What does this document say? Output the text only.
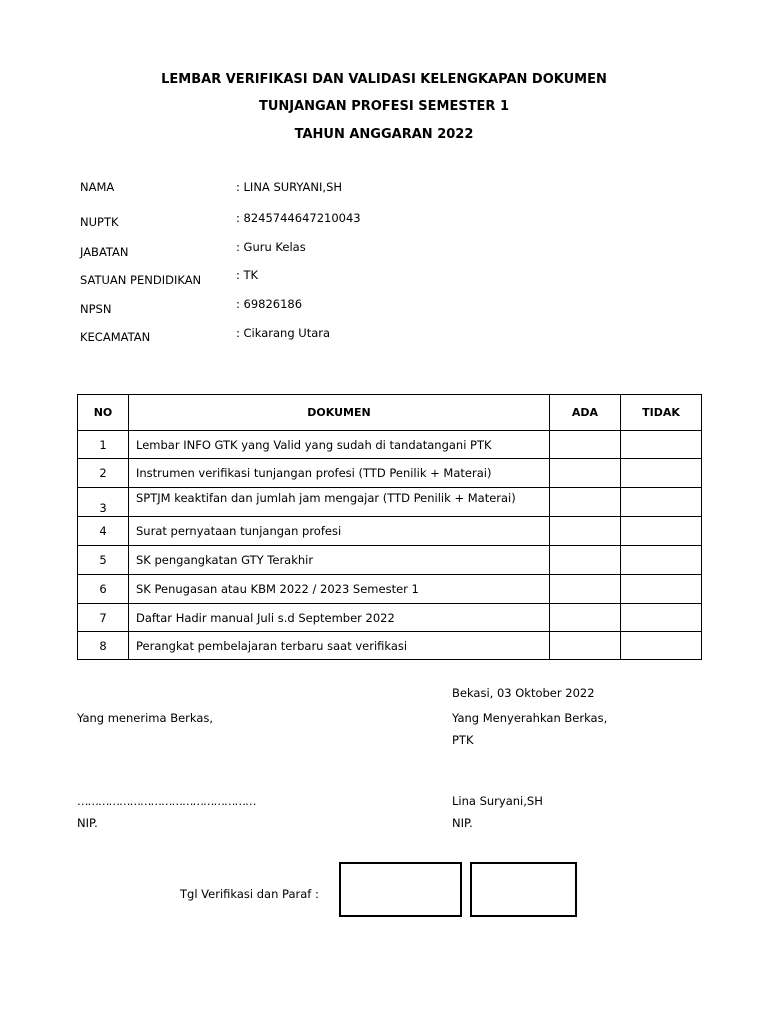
LEMBAR VERIFIKASI DAN VALIDASI KELENGKAPAN DOKUMEN
TUNJANGAN PROFESI SEMESTER 1
TAHUN ANGGARAN 2022
NAMA	: LINA SURYANI,SH
NUPTK	: 8245744647210043
JABATAN	: Guru Kelas
SATUAN PENDIDIKAN	: TK
NPSN	: 69826186
KECAMATAN	: Cikarang Utara
NO	DOKUMEN	ADA	TIDAK
1	Lembar INFO GTK yang Valid yang sudah di tandatangani PTK		
2	Instrumen verifikasi tunjangan profesi (TTD Penilik + Materai)		
3	SPTJM keaktifan dan jumlah jam mengajar (TTD Penilik + Materai)		
4	Surat pernyataan tunjangan profesi		
5	SK pengangkatan GTY Terakhir		
6	SK Penugasan atau KBM 2022 / 2023 Semester 1		
7	Daftar Hadir manual Juli s.d September 2022		
8	Perangkat pembelajaran terbaru saat verifikasi		
Bekasi, 03 Oktober 2022
Yang menerima Berkas,	Yang Menyerahkan Berkas,
PTK
……………………………………………	Lina Suryani,SH
NIP.	NIP.
Tgl Verifikasi dan Paraf :
